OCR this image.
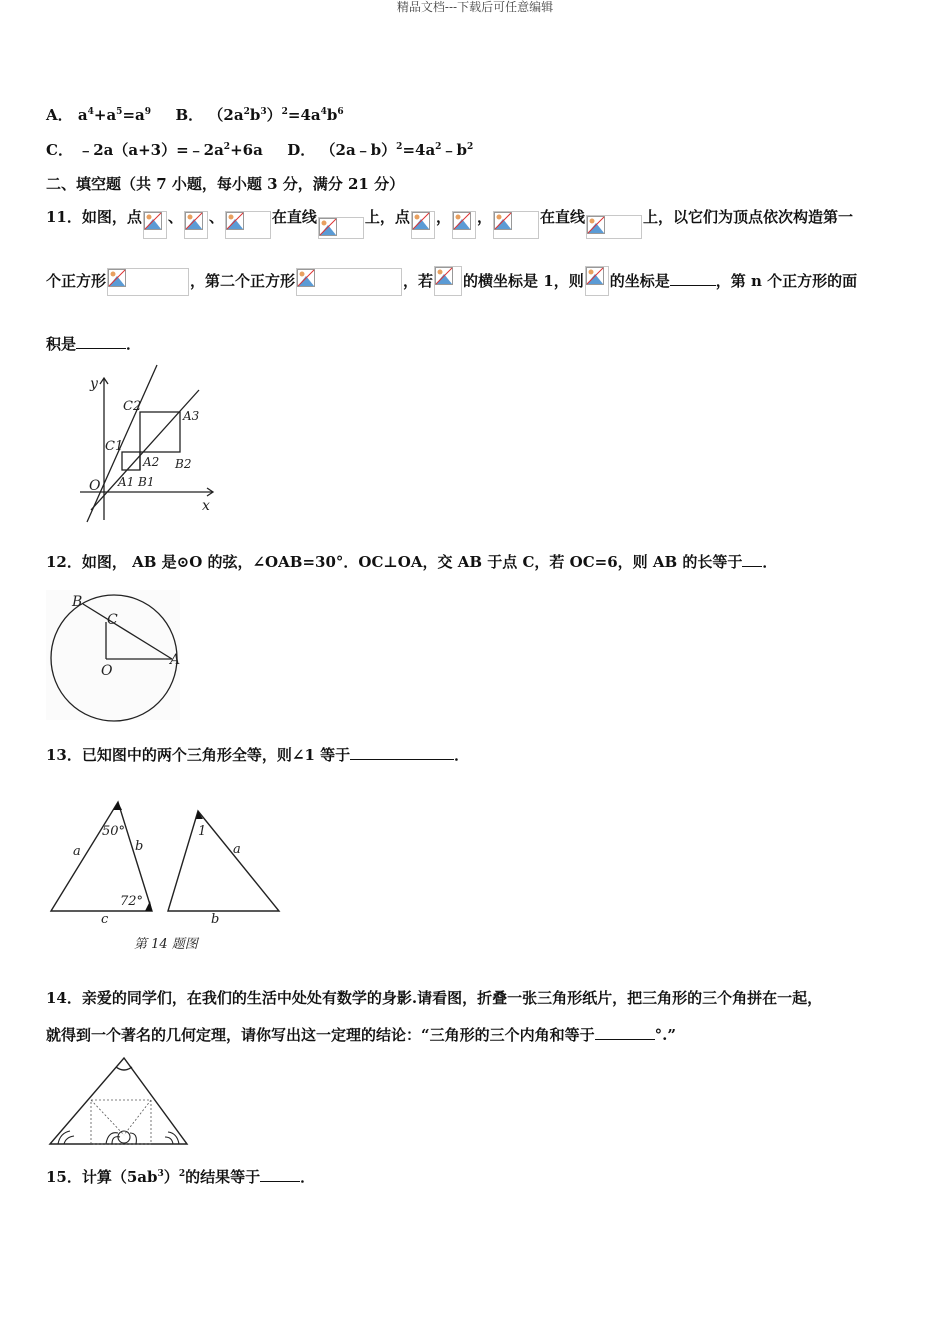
精品文档---下载后可任意编辑
A． $a^4+a^5=a^9$ B． $(2a^2b^3)^2=4a^4b^6$
C． $﹣2a(a+3)=﹣2a^2+6a$ D． $(2a﹣b)^2=4a^2﹣b^2$
二、填空题（共 7 小题，每小题 3 分，满分 21 分）
11．如图，点 、 、	在直线	上，点 ， ，	在直线	上，以它们为顶点依次构造第一
个正方形	，第二个正方形	，若 的横坐标是 1，则 的坐标是	，第 n 个正方形的面
积是	．
y
x
O
C1
C2
A1
A2
A3
B1
B2
12．如图， AB 是⊙O 的弦，∠OAB=30°．OC⊥OA，交 AB 于点 C，若 OC=6，则 AB 的长等于 ．
B
C
O
A
13．已知图中的两个三角形全等，则∠1 等于	．
a	b
c
50°
72°
1
a
b
第 14 题图
14．亲爱的同学们，在我们的生活中处处有数学的身影.请看图，折叠一张三角形纸片，把三角形的三个角拼在一起，
就得到一个著名的几何定理，请你写出这一定理的结论：“三角形的三个内角和等于	°.”
15．计算$(5ab^3)^2$的结果等于	．
